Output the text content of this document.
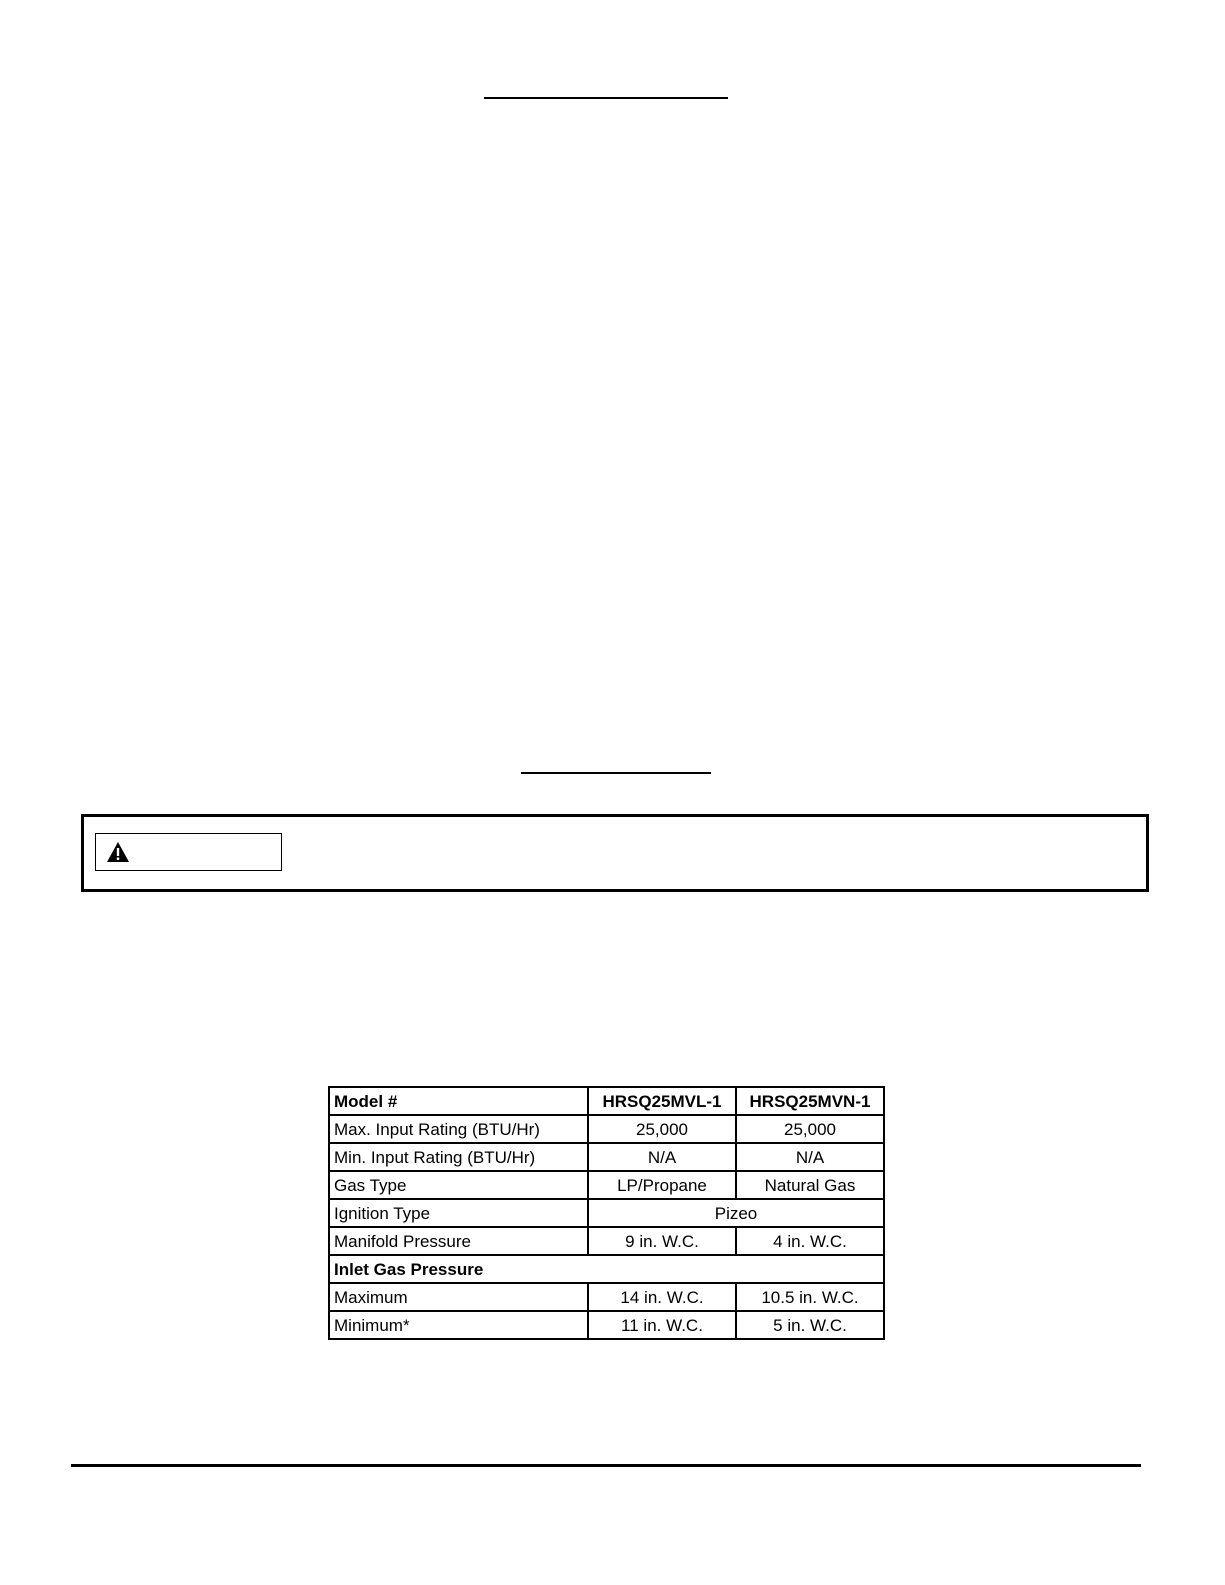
Model #	HRSQ25MVL-1	HRSQ25MVN-1
Max. Input Rating (BTU/Hr)	25,000	25,000
Min. Input Rating (BTU/Hr)	N/A	N/A
Gas Type	LP/Propane	Natural Gas
Ignition Type	Pizeo	
Manifold Pressure	9 in. W.C.	4 in. W.C.
Inlet Gas Pressure		
Maximum	14 in. W.C.	10.5 in. W.C.
Minimum*	11 in. W.C.	5 in. W.C.
